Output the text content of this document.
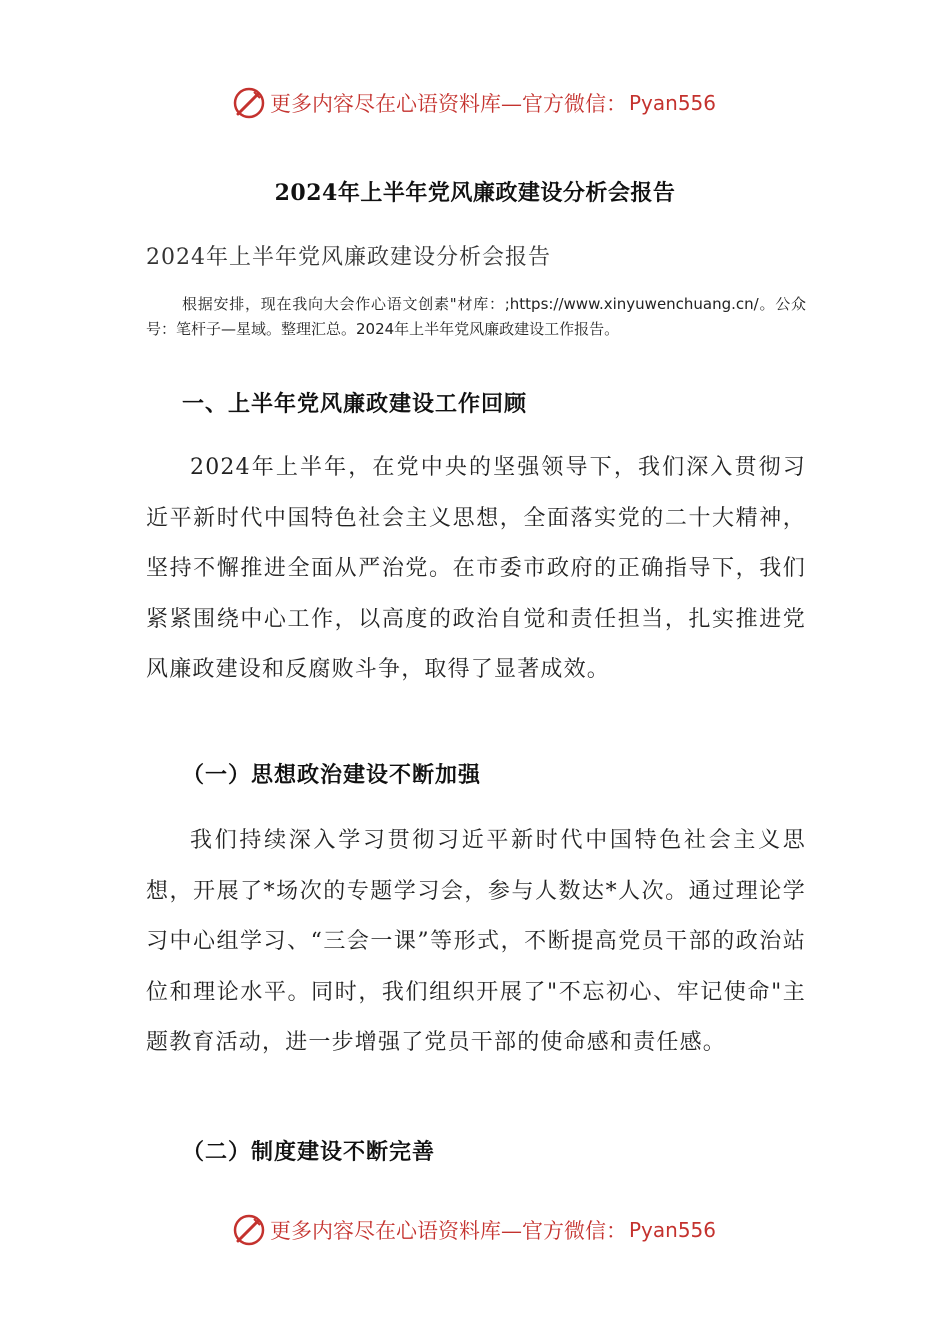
更多内容尽在心语资料库—官方微信： Pyan556
2024年上半年党风廉政建设分析会报告
2024年上半年党风廉政建设分析会报告
根据安排，现在我向大会作心语文创素"材库：;https://www.xinyuwenchuang.cn/。公众号：笔杆子—星域。整理汇总。2024年上半年党风廉政建设工作报告。
一、上半年党风廉政建设工作回顾
2024年上半年，在党中央的坚强领导下，我们深入贯彻习近平新时代中国特色社会主义思想，全面落实党的二十大精神，坚持不懈推进全面从严治党。在市委市政府的正确指导下，我们紧紧围绕中心工作，以高度的政治自觉和责任担当，扎实推进党风廉政建设和反腐败斗争，取得了显著成效。
（一）思想政治建设不断加强
我们持续深入学习贯彻习近平新时代中国特色社会主义思想，开展了*场次的专题学习会，参与人数达*人次。通过理论学习中心组学习、“三会一课”等形式，不断提高党员干部的政治站位和理论水平。同时，我们组织开展了"不忘初心、牢记使命"主题教育活动，进一步增强了党员干部的使命感和责任感。
（二）制度建设不断完善
更多内容尽在心语资料库—官方微信： Pyan556
